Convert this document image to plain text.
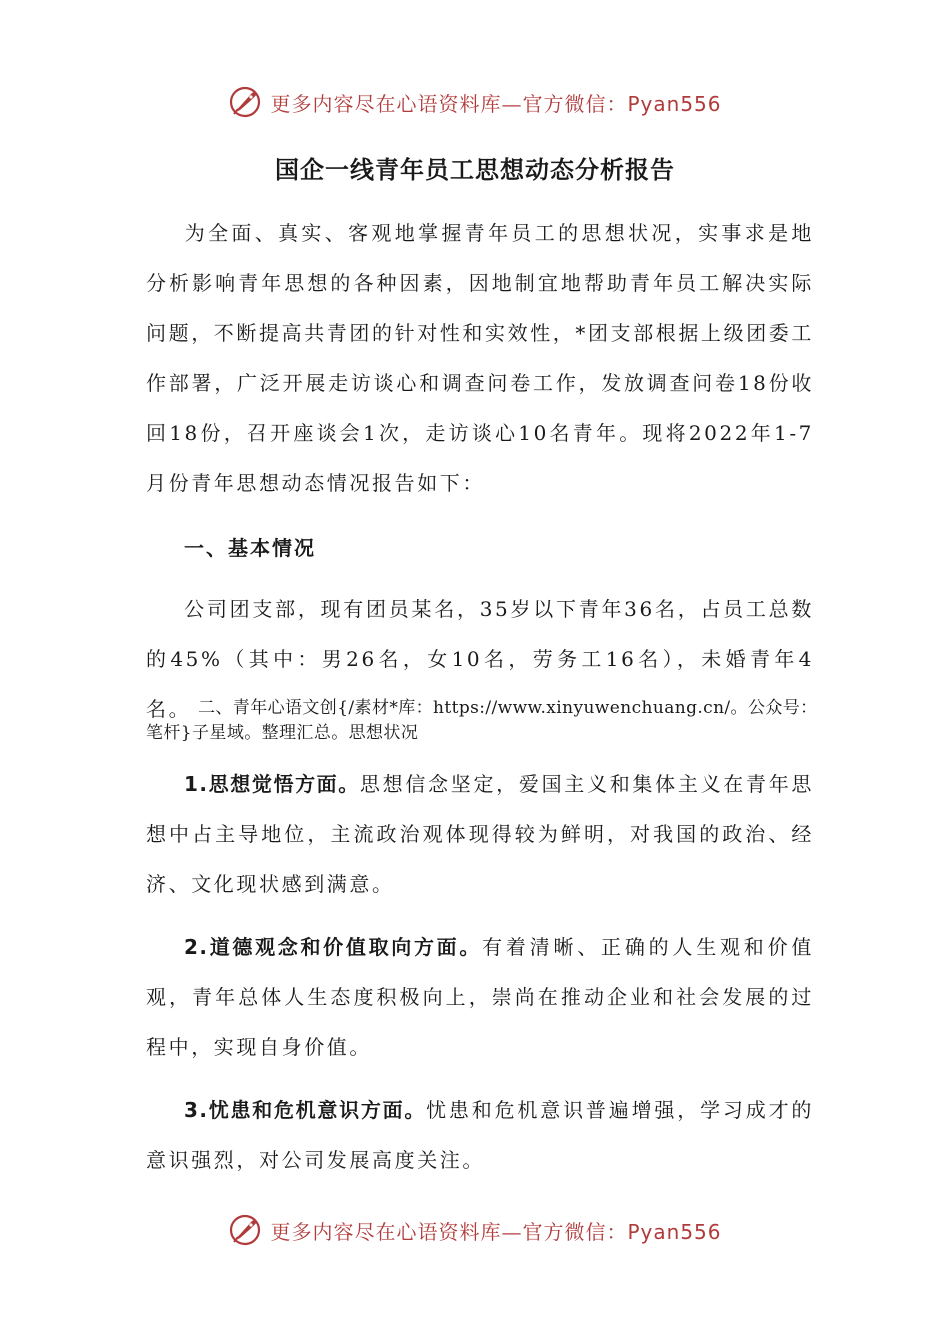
更多内容尽在心语资料库—官方微信：Pyan556
国企一线青年员工思想动态分析报告
为全面、真实、客观地掌握青年员工的思想状况，实事求是地分析影响青年思想的各种因素，因地制宜地帮助青年员工解决实际问题，不断提高共青团的针对性和实效性，*团支部根据上级团委工作部署，广泛开展走访谈心和调查问卷工作，发放调查问卷18份收回18份，召开座谈会1次，走访谈心10名青年。现将2022年1-7月份青年思想动态情况报告如下：
一、基本情况
公司团支部，现有团员某名，35岁以下青年36名，占员工总数的45%（其中：男26名，女10名，劳务工16名），未婚青年4名。 二、青年心语文创{/素材*库：https://www.xinyuwenchuang.cn/。公众号：笔杆}子星域。整理汇总。思想状况
1.思想觉悟方面。思想信念坚定，爱国主义和集体主义在青年思想中占主导地位，主流政治观体现得较为鲜明，对我国的政治、经济、文化现状感到满意。
2.道德观念和价值取向方面。有着清晰、正确的人生观和价值观，青年总体人生态度积极向上，崇尚在推动企业和社会发展的过程中，实现自身价值。
3.忧患和危机意识方面。忧患和危机意识普遍增强，学习成才的意识强烈，对公司发展高度关注。
更多内容尽在心语资料库—官方微信：Pyan556
